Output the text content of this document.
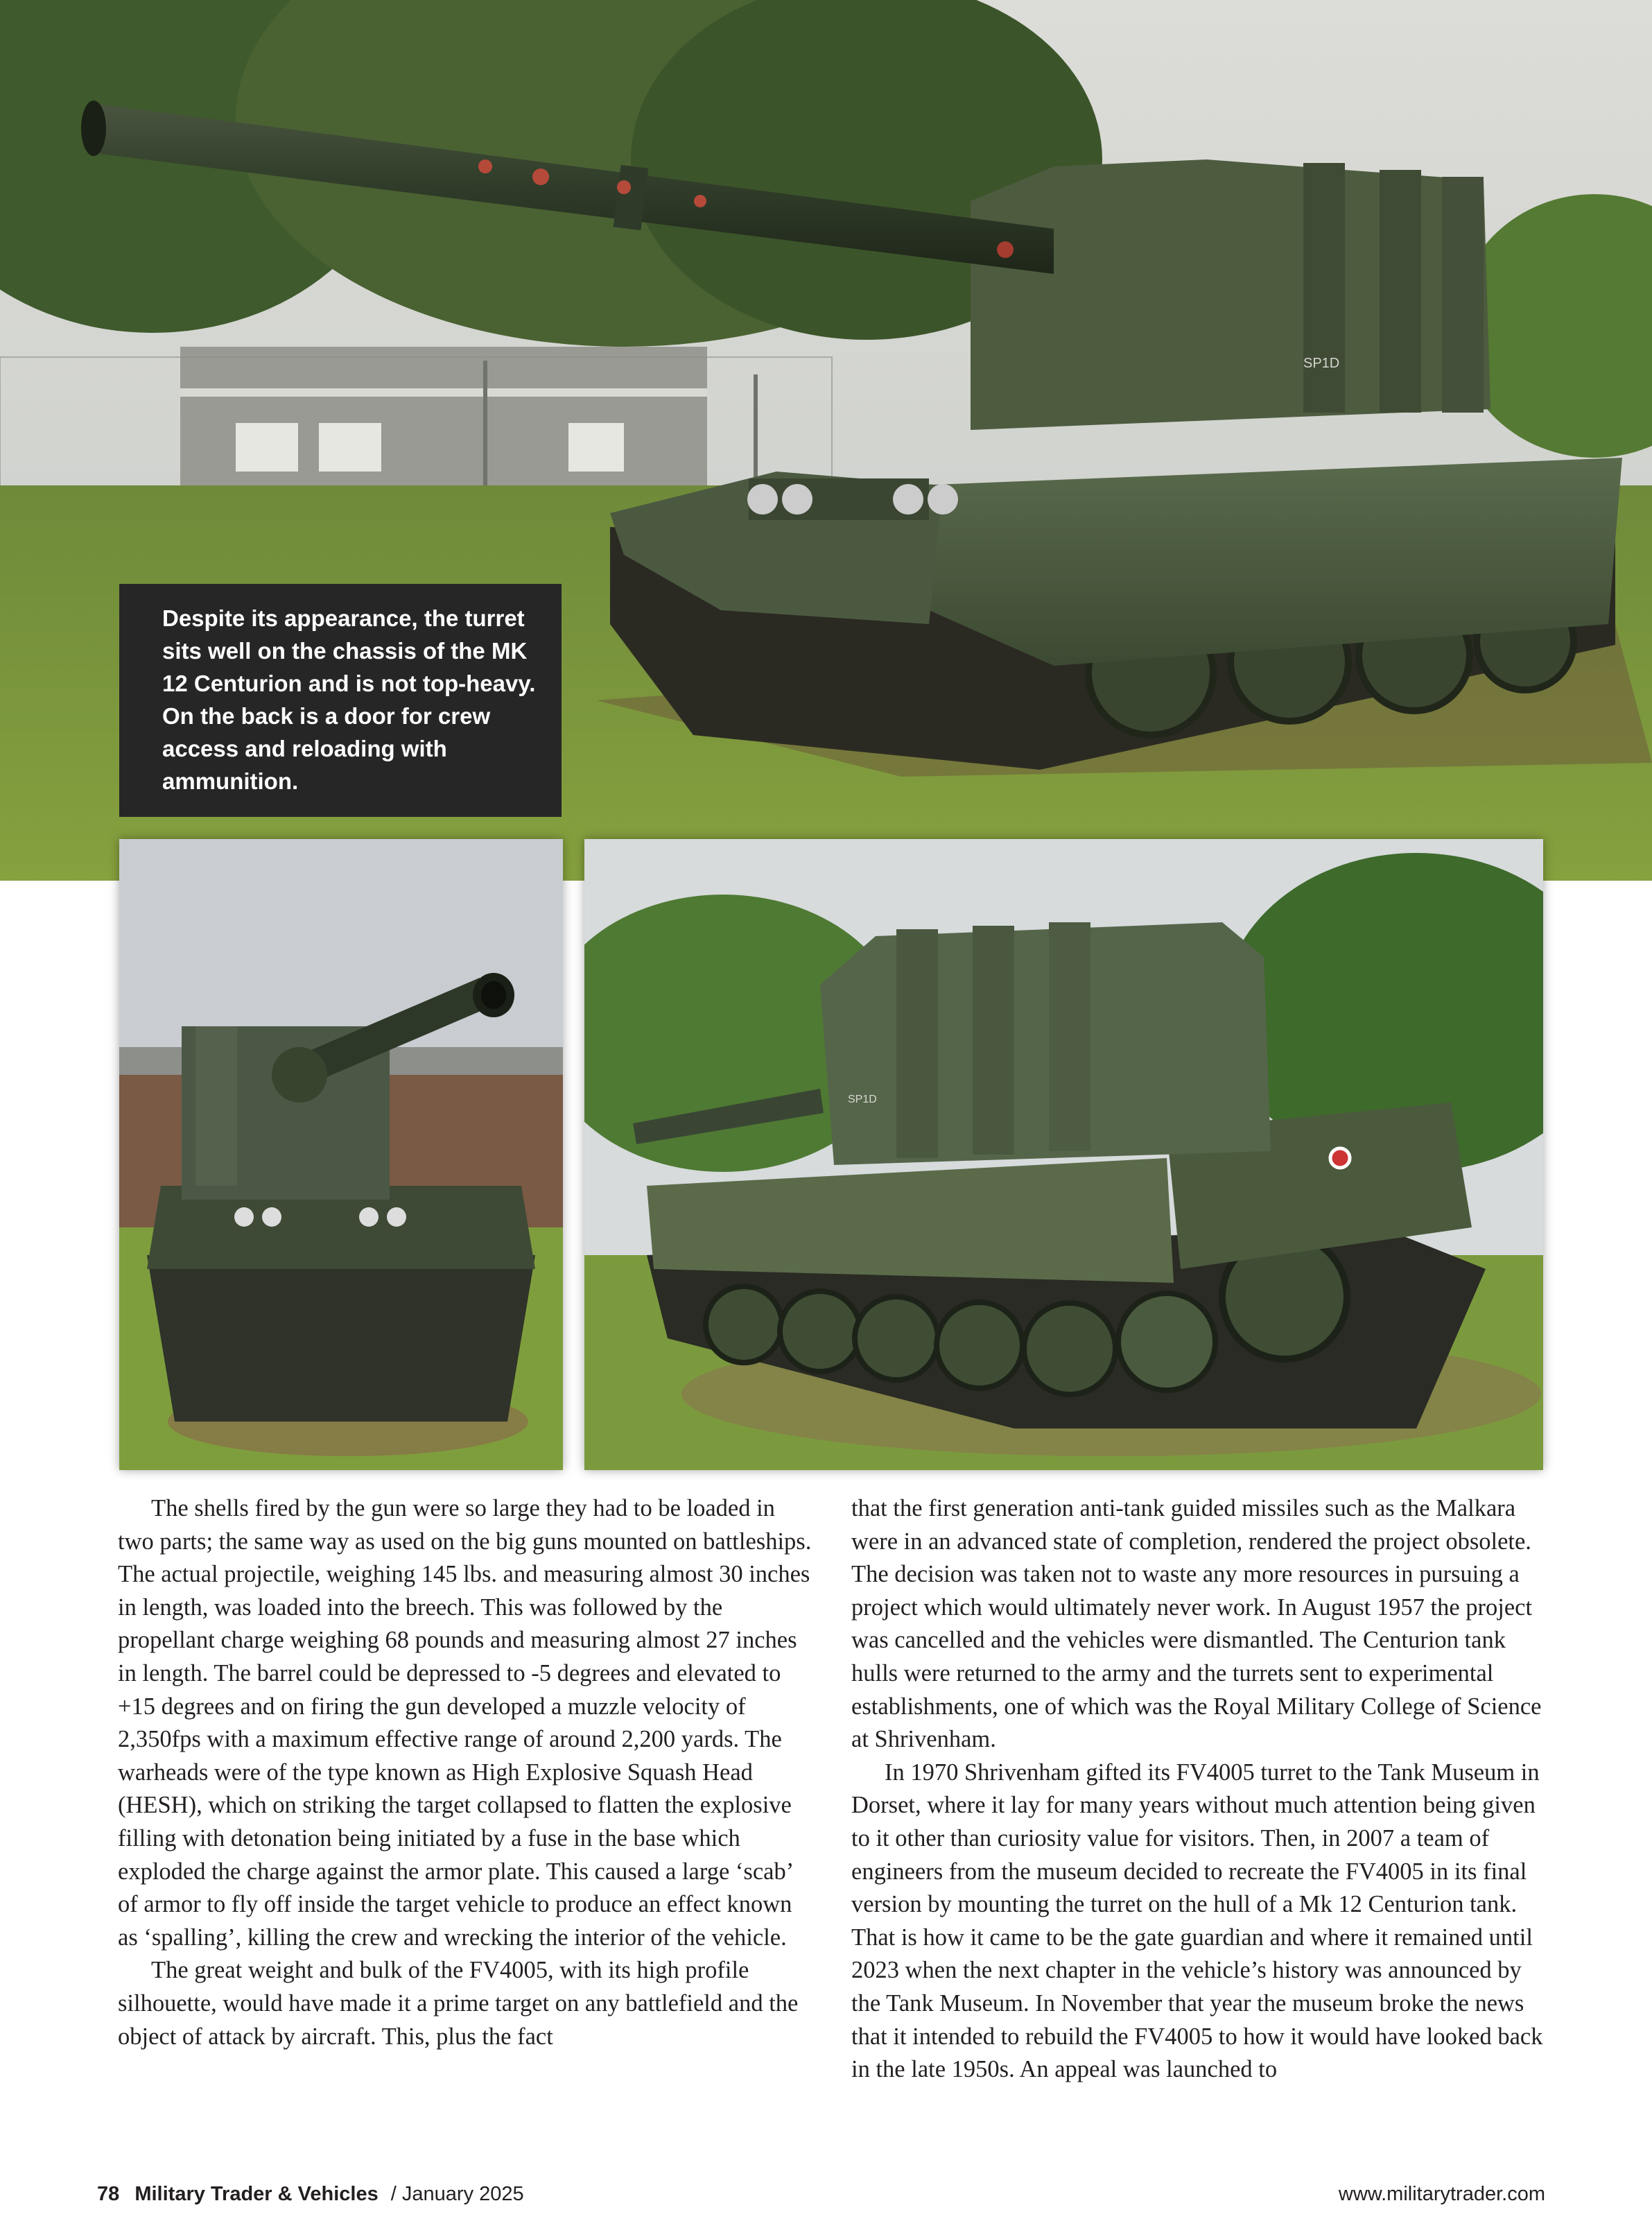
SP1D

Despite its appearance, the turret sits well on the chassis of the MK 12 Centurion and is not top-heavy. On the back is a door for crew access and reloading with ammunition.

SP1D

The shells fired by the gun were so large they had to be loaded in two parts; the same way as used on the big guns mounted on battleships. The actual projectile, weighing 145 lbs. and measuring almost 30 inches in length, was loaded into the breech. This was followed by the propellant charge weighing 68 pounds and measuring almost 27 inches in length. The barrel could be depressed to -5 degrees and elevated to +15 degrees and on firing the gun developed a muzzle velocity of 2,350fps with a maximum effective range of around 2,200 yards. The warheads were of the type known as High Explosive Squash Head (HESH), which on striking the target collapsed to flatten the explosive filling with detonation being initiated by a fuse in the base which exploded the charge against the armor plate. This caused a large ‘scab’ of armor to fly off inside the target vehicle to produce an effect known as ‘spalling’, killing the crew and wrecking the interior of the vehicle.

The great weight and bulk of the FV4005, with its high profile silhouette, would have made it a prime target on any battlefield and the object of attack by aircraft. This, plus the fact

that the first generation anti-tank guided missiles such as the Malkara were in an advanced state of completion, rendered the project obsolete. The decision was taken not to waste any more resources in pursuing a project which would ultimately never work. In August 1957 the project was cancelled and the vehicles were dismantled. The Centurion tank hulls were returned to the army and the turrets sent to experimental establishments, one of which was the Royal Military College of Science at Shrivenham.

In 1970 Shrivenham gifted its FV4005 turret to the Tank Museum in Dorset, where it lay for many years without much attention being given to it other than curiosity value for visitors. Then, in 2007 a team of engineers from the museum decided to recreate the FV4005 in its final version by mounting the turret on the hull of a Mk 12 Centurion tank. That is how it came to be the gate guardian and where it remained until 2023 when the next chapter in the vehicle’s history was announced by the Tank Museum. In November that year the museum broke the news that it intended to rebuild the FV4005 to how it would have looked back in the late 1950s. An appeal was launched to

78 Military Trader & Vehicles / January 2025	www.militarytrader.com
